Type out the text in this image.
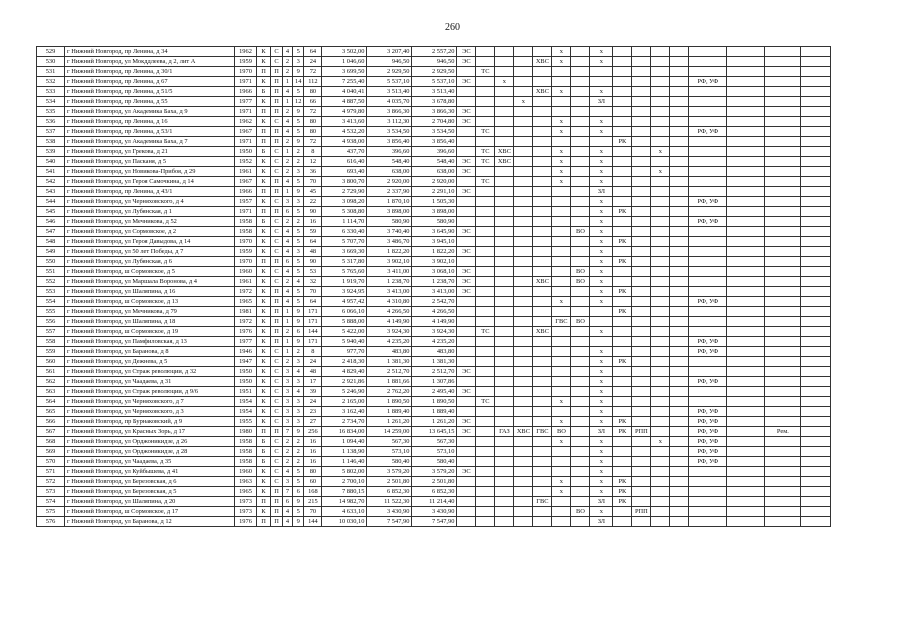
260
529	г Нижний Новгород, пр Ленина, д 34	1962	К	С	4	5	64	3 502,00	3 207,40	2 557,20	ЭС					х		х								
530	г Нижний Новгород, ул Мокддлеева, д 2, лит А	1959	К	С	2	3	24	1 046,60	946,50	946,50	ЭС				ХВС	х		х								
531	г Нижний Новгород, пр Ленина, д 30/1	1970	П	П	2	9	72	3 699,50	2 929,50	2 929,50		ТС														
532	г Нижний Новгород, пр Ленина, д 67	1971	К	П	1	14	112	7 255,40	5 537,10	5 537,10	ЭС		х										РФ, УФ			
533	г Нижний Новгород, пр Ленина, д 51/5	1966	Б	П	4	5	80	4 040,41	3 513,40	3 513,40					ХВС	х		х								
534	г Нижний Новгород, пр Ленина, д 55	1977	К	П	1	12	66	4 887,50	4 035,70	3 678,80				х				ЗЛ								
535	г Нижний Новгород, ул Академика Баха, д 9	1971	П	П	2	9	72	4 979,80	3 866,30	3 866,30	ЭС															
536	г Нижний Новгород, пр Ленина, д 16	1962	К	С	4	5	80	3 413,60	3 112,30	2 704,80	ЭС					х		х								
537	г Нижний Новгород, пр Ленина, д 53/1	1967	П	П	4	5	80	4 532,20	3 534,50	3 534,50		ТС				х		х					РФ, УФ			
538	г Нижний Новгород, ул Академика Баха, д 7	1971	П	П	2	9	72	4 938,00	3 856,40	3 856,40									РК							
539	г Нижний Новгород, ул Грекова, д 21	1950	Б	С	1	2	8	437,70	396,60	396,60		ТС	ХВС			х		х			х					
540	г Нижний Новгород, ул Пасканя, д 5	1952	К	С	2	2	12	616,40	548,40	548,40	ЭС	ТС	ХВС			х		х								
541	г Нижний Новгород, ул Новикова-Прибоя, д 29	1961	К	С	2	3	36	693,40	638,00	638,00	ЭС					х		х			х					
542	г Нижний Новгород, ул Героя Самочкина, д 14	1967	К	П	4	5	70	3 800,70	2 920,00	2 920,00		ТС				х		х								
543	г Нижний Новгород, пр Ленина, д 43/1	1966	П	П	1	9	45	2 729,90	2 337,90	2 291,10	ЭС							ЗЛ								
544	г Нижний Новгород, ул Черняховского, д 4	1957	К	С	3	3	22	3 098,20	1 870,10	1 505,30								х					РФ, УФ			
545	г Нижний Новгород, ул Лубянская, д 1	1971	П	П	6	5	90	5 308,80	3 898,00	3 898,00								х	РК							
546	г Нижний Новгород, ул Мечникова, д 52	1958	Б	С	2	2	16	1 114,70	580,90	580,90								х					РФ, УФ			
547	г Нижний Новгород, ул Сормовское, д 2	1958	К	С	4	5	59	6 330,40	3 740,40	3 645,90	ЭС						ВО	х								
548	г Нижний Новгород, ул Героя Давыдова, д 14	1970	К	С	4	5	64	5 707,70	3 486,70	3 945,10								х	РК							
549	г Нижний Новгород, ул 50 лет Победы, д 7	1959	К	С	4	3	48	3 669,30	1 822,20	1 822,20	ЭС							х								
550	г Нижний Новгород, ул Лубянская, д 6	1970	П	П	6	5	90	5 317,80	3 902,10	3 902,10								х	РК							
551	г Нижний Новгород, ш Сормовское, д 5	1960	К	С	4	5	53	5 765,60	3 411,00	3 068,10	ЭС						ВО	х								
552	г Нижний Новгород, ул Маршала Воронова, д 4	1961	К	С	2	4	32	1 919,70	1 238,70	1 238,70	ЭС				ХВС		ВО	х								
553	г Нижний Новгород, ул Шаляпина, д 16	1972	К	П	4	5	70	3 924,95	3 413,00	3 413,00	ЭС							х	РК							
554	г Нижний Новгород, ш Сормовское, д 13	1965	К	П	4	5	64	4 957,42	4 310,80	2 542,70						х		х					РФ, УФ			
555	г Нижний Новгород, ул Мечникова, д 79	1981	К	П	1	9	171	6 066,10	4 266,50	4 266,50									РК							
556	г Нижний Новгород, ул Шаляпина, д 18	1972	К	П	1	9	171	5 888,00	4 149,90	4 149,90						ГВС	ВО									
557	г Нижний Новгород, ш Сормовское, д 19	1976	К	П	2	6	144	5 422,00	3 924,30	3 924,30		ТС			ХВС			х								
558	г Нижний Новгород, ул Памфиловская, д 13	1977	К	П	1	9	171	5 940,40	4 235,20	4 235,20													РФ, УФ			
559	г Нижний Новгород, ул Баранова, д 8	1946	К	С	1	2	8	977,70	483,80	483,80								х					РФ, УФ			
560	г Нижний Новгород, ул Дежнева, д 5	1947	К	С	2	3	24	2 418,30	1 381,30	1 381,30								х	РК							
561	г Нижний Новгород, ул Страж революции, д 32	1950	К	С	3	4	48	4 829,40	2 512,70	2 512,70	ЭС							х								
562	г Нижний Новгород, ул Чаадаева, д 31	1950	К	С	3	3	17	2 921,86	1 881,66	1 307,86								х					РФ, УФ			
563	г Нижний Новгород, ул Страж революции, д 9/6	1951	К	С	3	4	39	5 246,90	2 762,20	2 495,40	ЭС							х								
564	г Нижний Новгород, ул Черняховского, д 7	1954	К	С	3	3	24	2 165,00	1 890,50	1 890,50		ТС				х		х								
565	г Нижний Новгород, ул Черняховского, д 3	1954	К	С	3	3	23	3 162,40	1 889,40	1 889,40								х					РФ, УФ			
566	г Нижний Новгород, пр Бурнаковский, д 9	1955	К	С	3	3	27	2 734,70	1 261,20	1 261,20	ЭС					х		х	РК				РФ, УФ			
567	г Нижний Новгород, ул Красных Зорь, д 17	1980	П	П	7	9	256	16 834,00	14 259,00	13 645,15	ЭС		ГАЗ	ХВС	ГВС	ВО		ЗЛ	РК	РПП			РФ, УФ		Рем.	
568	г Нижний Новгород, ул Орджоникидзе, д 26	1958	Б	С	2	2	16	1 094,40	567,30	567,30						х		х			х		РФ, УФ			
569	г Нижний Новгород, ул Орджоникидзе, д 28	1958	Б	С	2	2	16	1 138,90	573,10	573,10								х					РФ, УФ			
570	г Нижний Новгород, ул Чаадаева, д 35	1958	Б	С	2	2	16	1 146,40	580,40	580,40								х					РФ, УФ			
571	г Нижний Новгород, ул Куйбышева, д 41	1960	К	С	4	5	80	5 802,00	3 579,20	3 579,20	ЭС							х								
572	г Нижний Новгород, ул Березовская, д 6	1963	К	С	3	5	60	2 700,10	2 501,80	2 501,80						х		х	РК							
573	г Нижний Новгород, ул Березовская, д 5	1965	К	П	7	6	168	7 880,15	6 852,30	6 852,30						х		х	РК							
574	г Нижний Новгород, ул Шаляпина, д 20	1973	П	П	6	9	215	14 982,70	11 522,30	11 214,40					ГВС			ЗЛ	РК							
575	г Нижний Новгород, ш Сормовское, д 17	1973	К	П	4	5	70	4 633,10	3 430,90	3 430,90							ВО	х		РПП						
576	г Нижний Новгород, ул Баранова, д 12	1976	П	П	4	9	144	10 030,10	7 547,90	7 547,90								ЗЛ								
